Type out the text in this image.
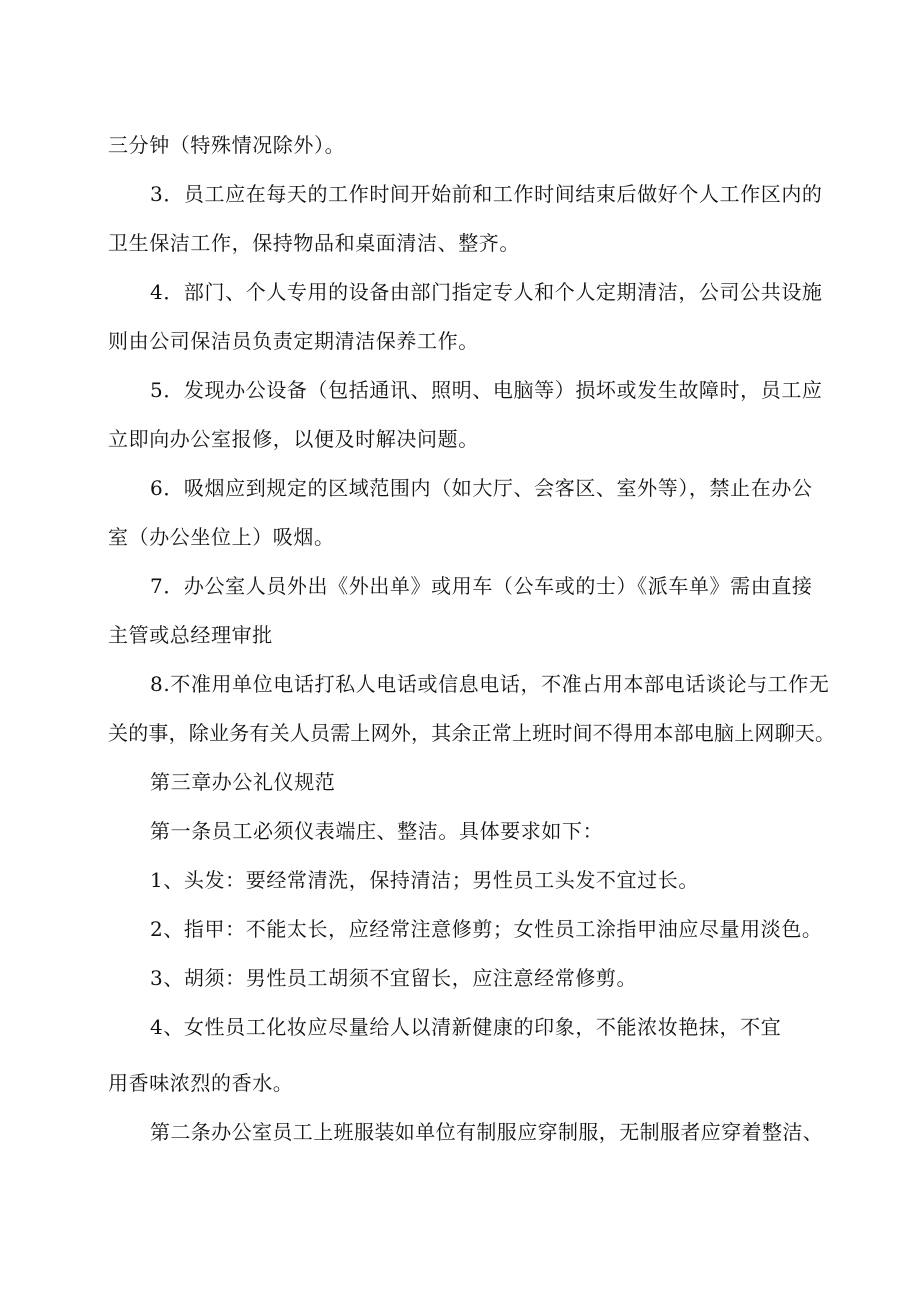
三分钟（特殊情况除外）。
3．员工应在每天的工作时间开始前和工作时间结束后做好个人工作区内的
卫生保洁工作，保持物品和桌面清洁、整齐。
4．部门、个人专用的设备由部门指定专人和个人定期清洁，公司公共设施
则由公司保洁员负责定期清洁保养工作。
5．发现办公设备（包括通讯、照明、电脑等）损坏或发生故障时，员工应
立即向办公室报修，以便及时解决问题。
6．吸烟应到规定的区域范围内（如大厅、会客区、室外等），禁止在办公
室（办公坐位上）吸烟。
7．办公室人员外出《外出单》或用车（公车或的士）《派车单》需由直接
主管或总经理审批
8.不准用单位电话打私人电话或信息电话，不准占用本部电话谈论与工作无
关的事，除业务有关人员需上网外，其余正常上班时间不得用本部电脑上网聊天。
第三章办公礼仪规范
第一条员工必须仪表端庄、整洁。具体要求如下：
1、头发：要经常清洗，保持清洁；男性员工头发不宜过长。
2、指甲：不能太长，应经常注意修剪；女性员工涂指甲油应尽量用淡色。
3、胡须：男性员工胡须不宜留长，应注意经常修剪。
4、女性员工化妆应尽量给人以清新健康的印象，不能浓妆艳抹，不宜
用香味浓烈的香水。
第二条办公室员工上班服装如单位有制服应穿制服，无制服者应穿着整洁、
